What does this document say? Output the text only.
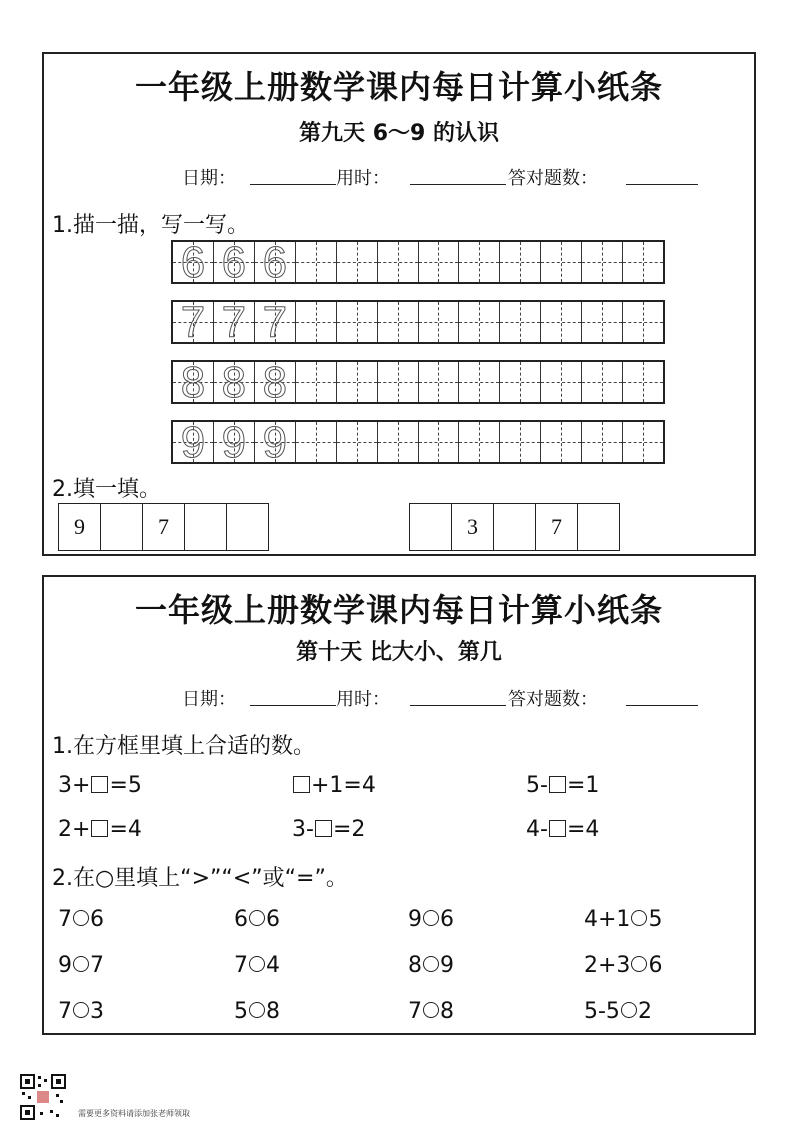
一年级上册数学课内每日计算小纸条
第九天 6～9 的认识
日期：	用时：	答对题数：
1.描一描，写一写。
6 6 6
7 7 7
8 8 8
9 9 9
2.填一填。
9	7	3	7
一年级上册数学课内每日计算小纸条
第十天 比大小、第几
日期：	用时：	答对题数：
1.在方框里填上合适的数。
3+ =5	+1=4	5- =1
2+ =4	3- =2	4- =4
2.在○里填上“>”“<”或“=”。
7 6	6 6	9 6	4+1 5
9 7	7 4	8 9	2+3 6
7 3	5 8	7 8	5-5 2
需要更多资料请添加张老师领取
